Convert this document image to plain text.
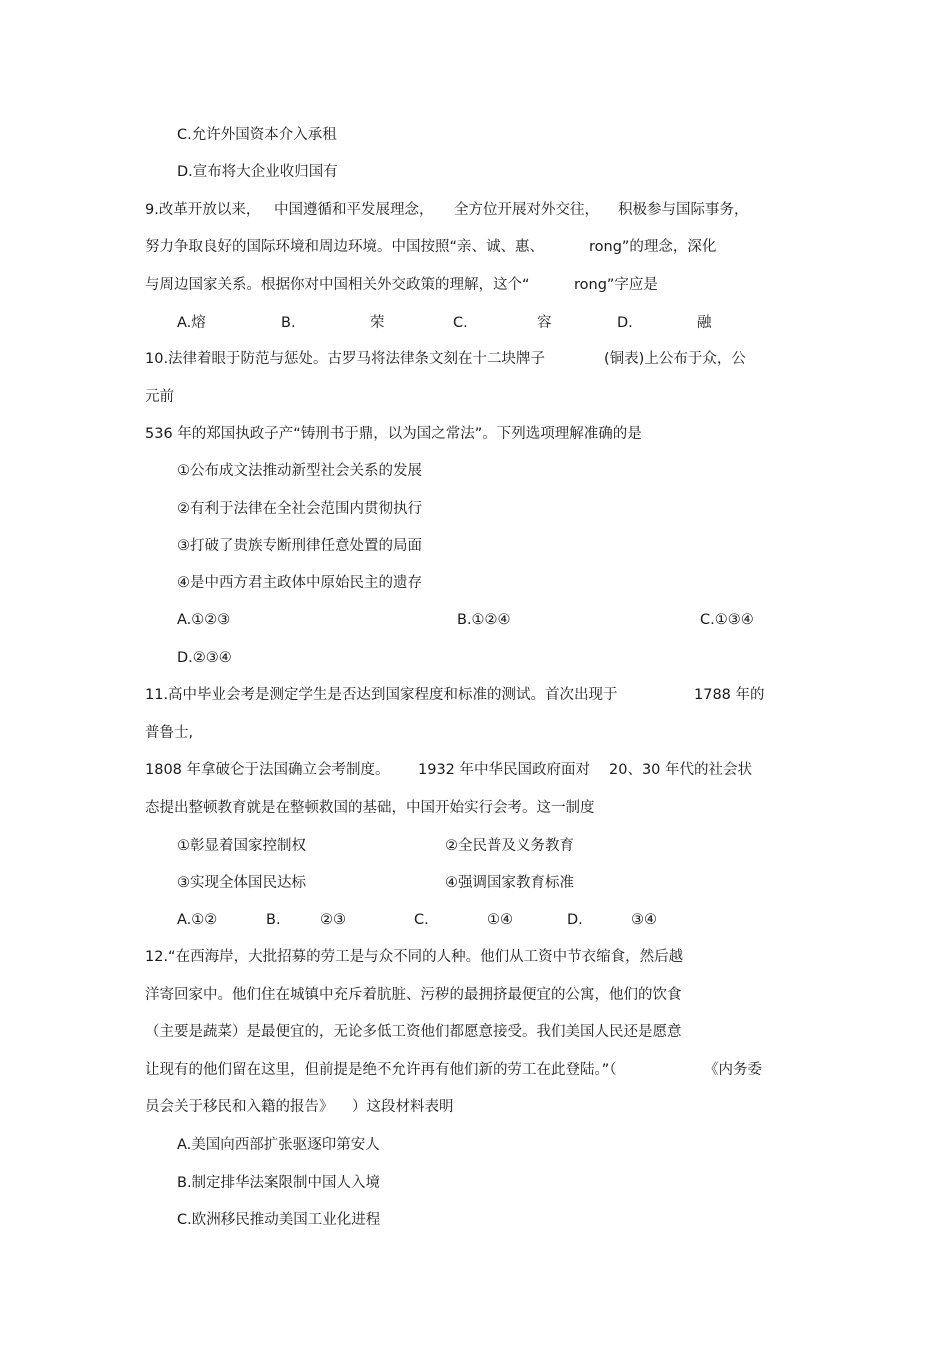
C.允许外国资本介入承租
D.宣布将大企业收归国有
9.改革开放以来， 中国遵循和平发展理念， 全方位开展对外交往， 积极参与国际事务，
努力争取良好的国际环境和周边环境。中国按照“亲、诚、惠、	rong”的理念，深化
与周边国家关系。根据你对中国相关外交政策的理解，这个“	rong”字应是
A.熔	B.	荣	C.	容	D.	融
10.法律着眼于防范与惩处。古罗马将法律条文刻在十二块牌子	(铜表)上公布于众，公
元前
536 年的郑国执政子产“铸刑书于鼎，以为国之常法”。下列选项理解准确的是
①公布成文法推动新型社会关系的发展
②有利于法律在全社会范围内贯彻执行
③打破了贵族专断刑律任意处置的局面
④是中西方君主政体中原始民主的遗存
A.①②③	B.①②④	C.①③④
D.②③④
11.高中毕业会考是测定学生是否达到国家程度和标准的测试。首次出现于	1788 年的
普鲁士,
1808 年拿破仑于法国确立会考制度。 1932 年中华民国政府面对 20、30 年代的社会状
态提出整顿教育就是在整顿救国的基础，中国开始实行会考。这一制度
①彰显着国家控制权	②全民普及义务教育
③实现全体国民达标	④强调国家教育标准
A.①②	B.	②③	C.	①④	D.	③④
12.“在西海岸，大批招募的劳工是与众不同的人种。他们从工资中节衣缩食，然后越
洋寄回家中。他们住在城镇中充斥着肮脏、污秽的最拥挤最便宜的公寓，他们的饮食
（主要是蔬菜）是最便宜的，无论多低工资他们都愿意接受。我们美国人民还是愿意
让现有的他们留在这里，但前提是绝不允许再有他们新的劳工在此登陆。”（	《内务委
员会关于移民和入籍的报告》 ）这段材料表明
A.美国向西部扩张驱逐印第安人
B.制定排华法案限制中国人入境
C.欧洲移民推动美国工业化进程
